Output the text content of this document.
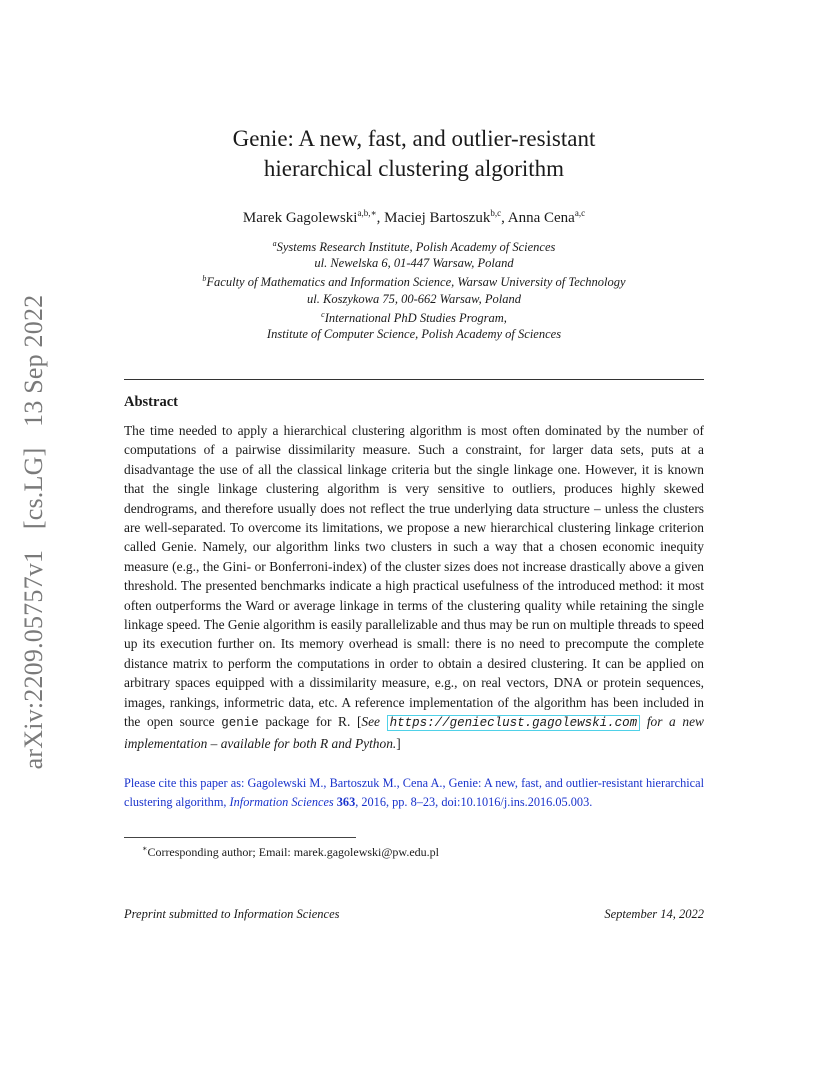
arXiv:2209.05757v1 [cs.LG] 13 Sep 2022
Genie: A new, fast, and outlier-resistant
hierarchical clustering algorithm
Marek Gagolewski$^{a,b,∗}$, Maciej Bartoszuk$^{b,c}$, Anna Cena$^{a,c}$
$^a$Systems Research Institute, Polish Academy of Sciences
ul. Newelska 6, 01-447 Warsaw, Poland
$^b$Faculty of Mathematics and Information Science, Warsaw University of Technology
ul. Koszykowa 75, 00-662 Warsaw, Poland
$^c$International PhD Studies Program,
Institute of Computer Science, Polish Academy of Sciences
Abstract
The time needed to apply a hierarchical clustering algorithm is most often dominated by the number of computations of a pairwise dissimilarity measure. Such a constraint, for larger data sets, puts at a disadvantage the use of all the classical linkage criteria but the single linkage one. However, it is known that the single linkage clustering algorithm is very sensitive to outliers, produces highly skewed dendrograms, and therefore usually does not reflect the true underlying data structure – unless the clusters are well-separated. To overcome its limitations, we propose a new hierarchical clustering linkage criterion called Genie. Namely, our algorithm links two clusters in such a way that a chosen economic inequity measure (e.g., the Gini- or Bonferroni-index) of the cluster sizes does not increase drastically above a given threshold. The presented benchmarks indicate a high practical usefulness of the introduced method: it most often outperforms the Ward or average linkage in terms of the clustering quality while retaining the single linkage speed. The Genie algorithm is easily parallelizable and thus may be run on multiple threads to speed up its execution further on. Its memory overhead is small: there is no need to precompute the complete distance matrix to perform the computations in order to obtain a desired clustering. It can be applied on arbitrary spaces equipped with a dissimilarity measure, e.g., on real vectors, DNA or protein sequences, images, rankings, informetric data, etc. A reference implementation of the algorithm has been included in the open source genie package for R. [See https://genieclust.gagolewski.com for a new implementation – available for both R and Python.]
Please cite this paper as: Gagolewski M., Bartoszuk M., Cena A., Genie: A new, fast, and outlier-resistant hierarchical clustering algorithm, Information Sciences 363, 2016, pp. 8–23, doi:10.1016/j.ins.2016.05.003.
∗Corresponding author; Email: marek.gagolewski@pw.edu.pl
Preprint submitted to Information Sciences	September 14, 2022
